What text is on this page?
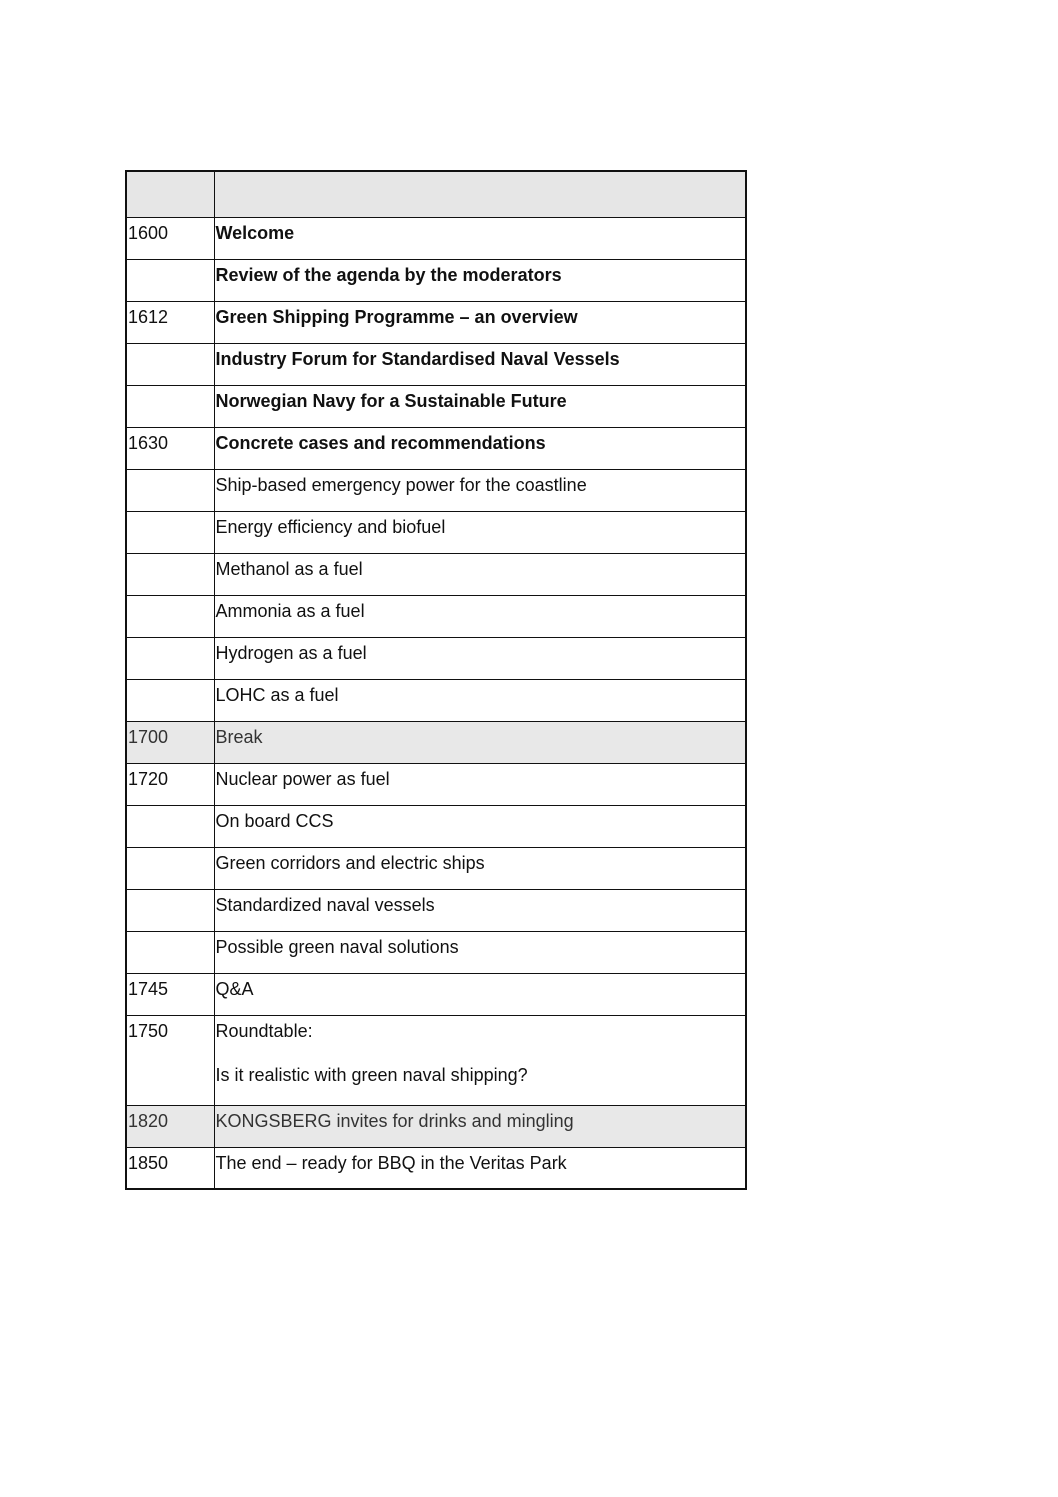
1600	Welcome
	Review of the agenda by the moderators
1612	Green Shipping Programme – an overview
	Industry Forum for Standardised Naval Vessels
	Norwegian Navy for a Sustainable Future
1630	Concrete cases and recommendations
	Ship-based emergency power for the coastline
	Energy efficiency and biofuel
	Methanol as a fuel
	Ammonia as a fuel
	Hydrogen as a fuel
	LOHC as a fuel
1700	Break
1720	Nuclear power as fuel
	On board CCS
	Green corridors and electric ships
	Standardized naval vessels
	Possible green naval solutions
1745	Q&A
1750	Roundtable:
Is it realistic with green naval shipping?

1820	KONGSBERG invites for drinks and mingling
1850	The end – ready for BBQ in the Veritas Park
